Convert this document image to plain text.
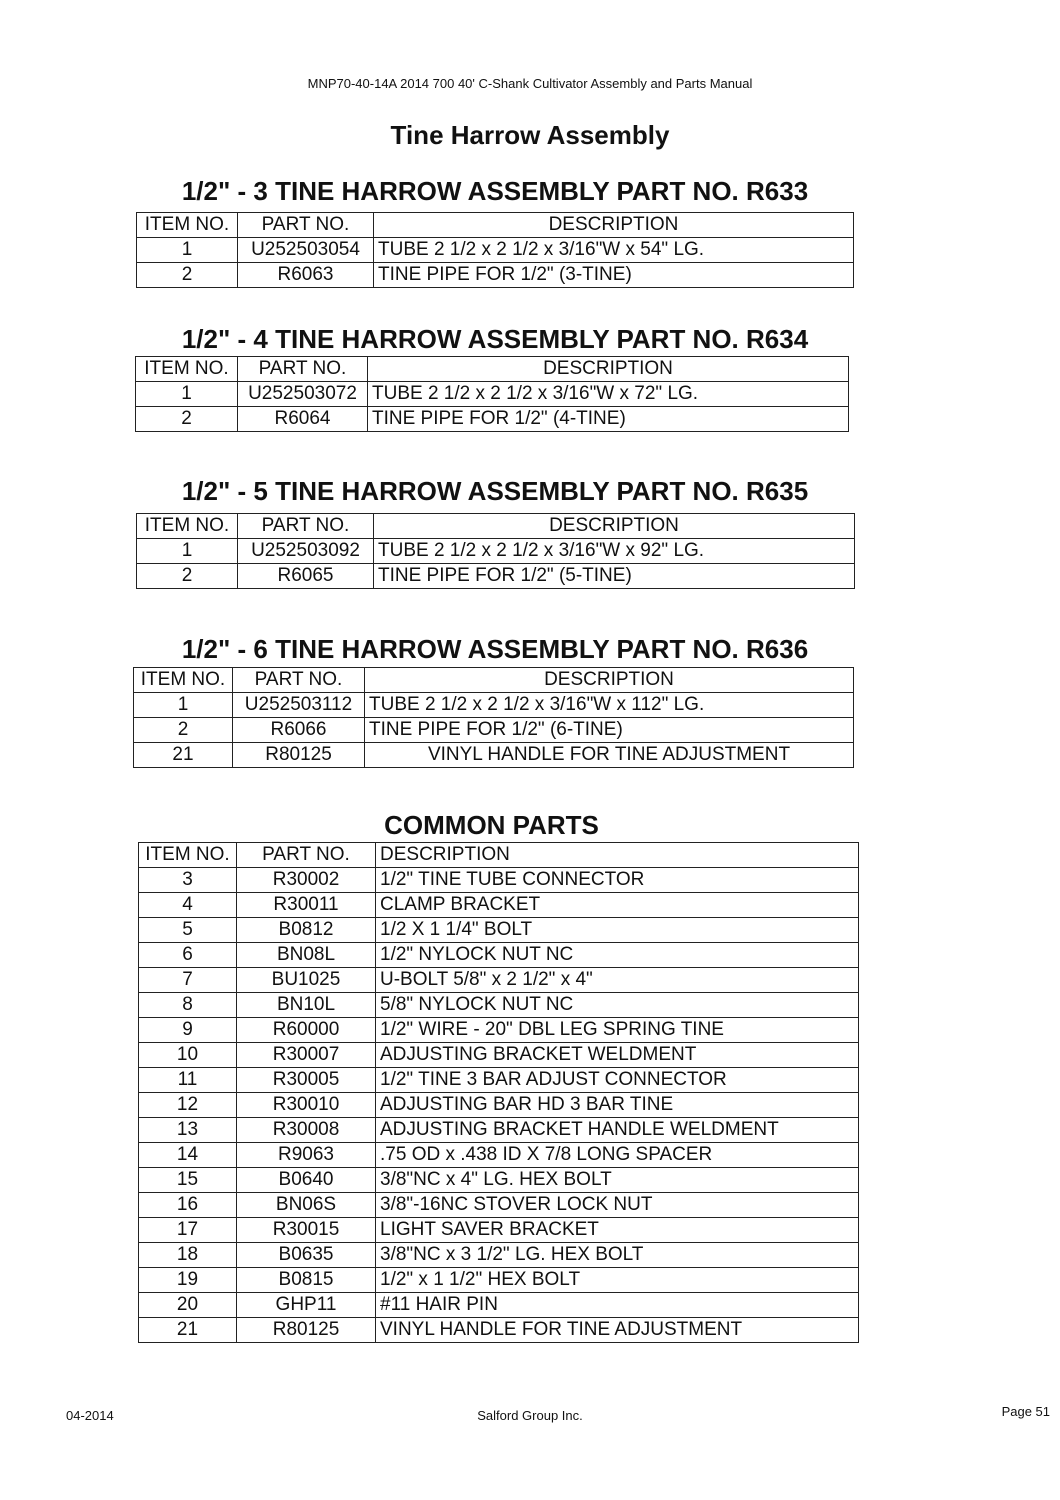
MNP70-40-14A 2014 700 40' C-Shank Cultivator Assembly and Parts Manual
Tine Harrow Assembly
1/2" - 3 TINE HARROW ASSEMBLY PART NO. R633
ITEM NO.	PART NO.	DESCRIPTION
1	U252503054	TUBE 2 1/2 x 2 1/2 x 3/16"W x 54" LG.
2	R6063	TINE PIPE FOR 1/2" (3-TINE)
1/2" - 4 TINE HARROW ASSEMBLY PART NO. R634
ITEM NO.	PART NO.	DESCRIPTION
1	U252503072	TUBE 2 1/2 x 2 1/2 x 3/16"W x 72" LG.
2	R6064	TINE PIPE FOR 1/2" (4-TINE)
1/2" - 5 TINE HARROW ASSEMBLY PART NO. R635
ITEM NO.	PART NO.	DESCRIPTION
1	U252503092	TUBE 2 1/2 x 2 1/2 x 3/16"W x 92" LG.
2	R6065	TINE PIPE FOR 1/2" (5-TINE)
1/2" - 6 TINE HARROW ASSEMBLY PART NO. R636
ITEM NO.	PART NO.	DESCRIPTION
1	U252503112	TUBE 2 1/2 x 2 1/2 x 3/16"W x 112" LG.
2	R6066	TINE PIPE FOR 1/2" (6-TINE)
21	R80125	VINYL HANDLE FOR TINE ADJUSTMENT
COMMON PARTS
ITEM NO.	PART NO.	DESCRIPTION
3	R30002	1/2" TINE TUBE CONNECTOR
4	R30011	CLAMP BRACKET
5	B0812	1/2 X 1 1/4" BOLT
6	BN08L	1/2" NYLOCK NUT NC
7	BU1025	U-BOLT 5/8" x 2 1/2" x 4"
8	BN10L	5/8" NYLOCK NUT NC
9	R60000	1/2" WIRE - 20" DBL LEG SPRING TINE
10	R30007	ADJUSTING BRACKET WELDMENT
11	R30005	1/2" TINE 3 BAR ADJUST CONNECTOR
12	R30010	ADJUSTING BAR HD 3 BAR TINE
13	R30008	ADJUSTING BRACKET HANDLE WELDMENT
14	R9063	.75 OD x .438 ID X 7/8 LONG SPACER
15	B0640	3/8"NC x 4" LG. HEX BOLT
16	BN06S	3/8"-16NC STOVER LOCK NUT
17	R30015	LIGHT SAVER BRACKET
18	B0635	3/8"NC x 3 1/2" LG. HEX BOLT
19	B0815	1/2" x 1 1/2" HEX BOLT
20	GHP11	#11 HAIR PIN
21	R80125	VINYL HANDLE FOR TINE ADJUSTMENT
04-2014	Salford Group Inc.	Page 51
